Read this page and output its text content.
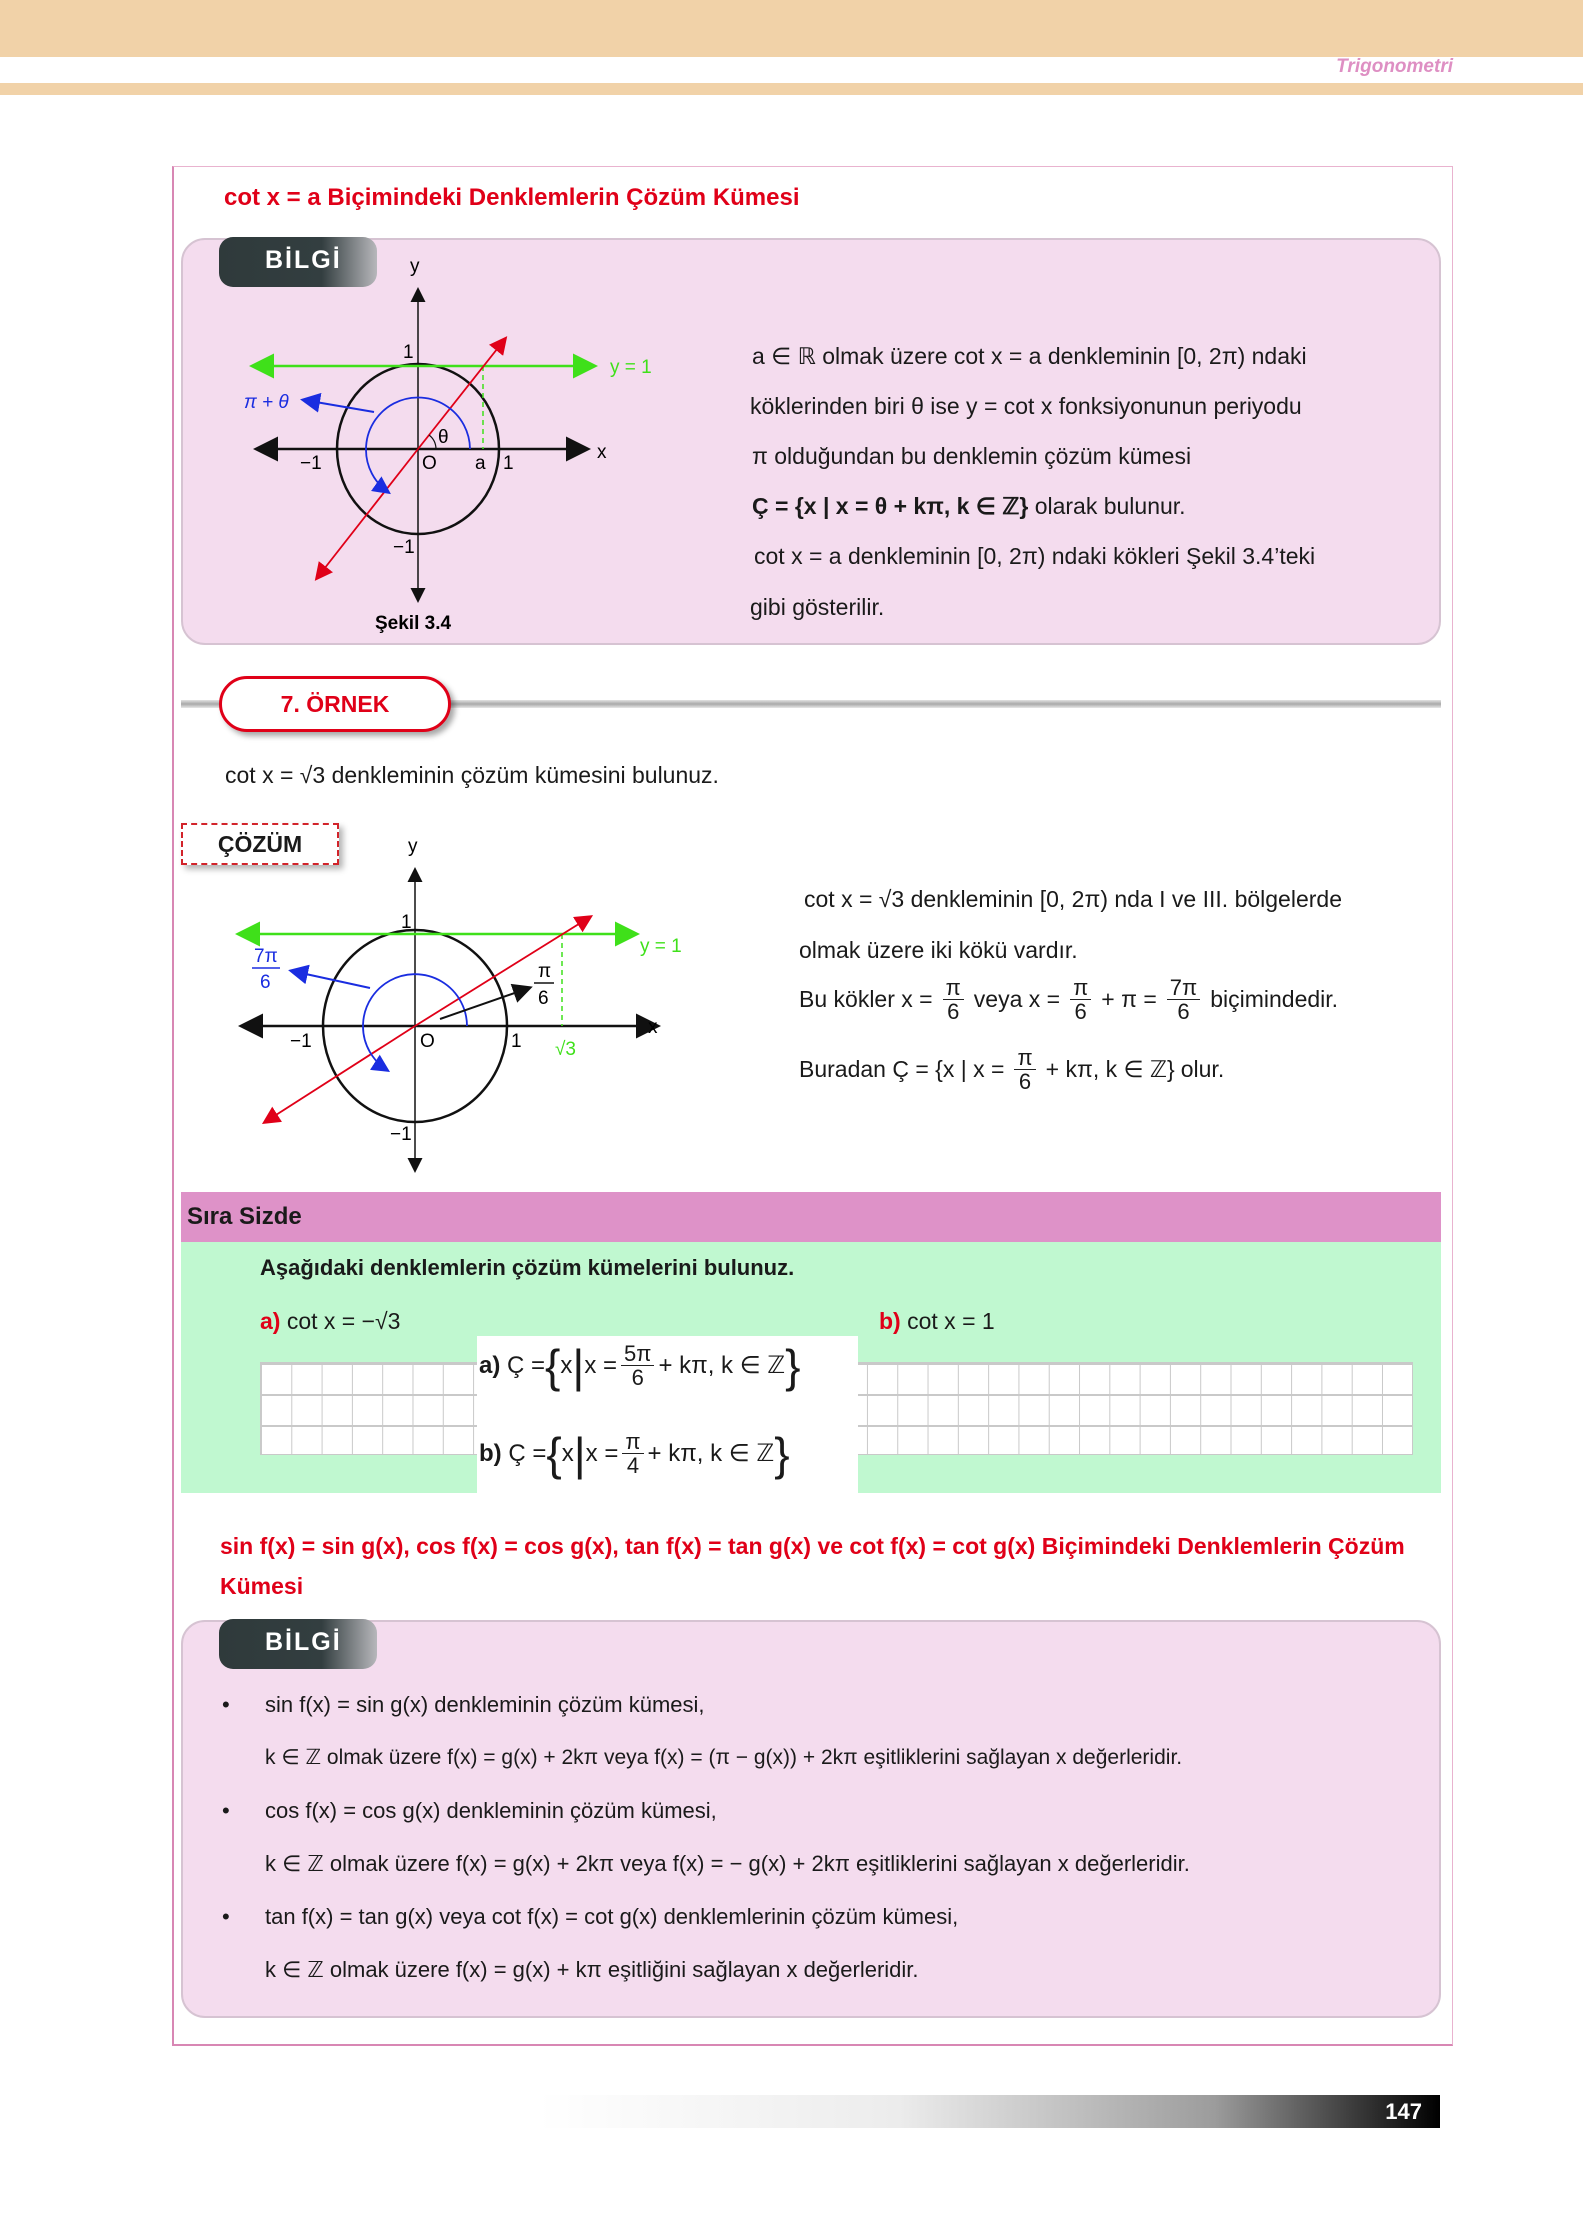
Trigonometri
cot x = a Biçimindeki Denklemlerin Çözüm Kümesi
BİLGİ	y
x
1
−1
−1	O a 1
θ
π + θ
y = 1
Şekil 3.4
a ∈ ℝ olmak üzere cot x = a denkleminin [0, 2π) ndaki
köklerinden biri θ ise y = cot x fonksiyonunun periyodu
π olduğundan bu denklemin çözüm kümesi
Ç = {x | x = θ + kπ, k ∈ ℤ} olarak bulunur.
cot x = a denkleminin [0, 2π) ndaki kökleri Şekil 3.4’teki
gibi gösterilir.
7. ÖRNEK
cot x = √3 denkleminin çözüm kümesini bulunuz.
ÇÖZÜM	y
x
1
−1
−1	O	1 √3
y = 1
7π
6
π
6
cot x = √3 denkleminin [0, 2π) nda I ve III. bölgelerde
olmak üzere iki kökü vardır.
Bu kökler $x = \frac{\pi}{6}$ veya $x = \frac{\pi}{6} + \pi = \frac{7\pi}{6}$ biçimindedir.
Buradan Ç = {x | $x = \frac{\pi}{6} + k\pi$, k ∈ ℤ} olur.
Sıra Sizde
Aşağıdaki denklemlerin çözüm kümelerini bulunuz.
a) cot x = −√3	b) cot x = 1
a)
Ç = { x | $x = \frac{5\pi}{6} + k\pi$, k ∈ ℤ }
b)
Ç = { x | $x = \frac{\pi}{4} + k\pi$, k ∈ ℤ }
sin f(x) = sin g(x), cos f(x) = cos g(x), tan f(x) = tan g(x) ve cot f(x) = cot g(x) Biçimindeki Denklemlerin Çözüm Kümesi
BİLGİ
• sin f(x) = sin g(x) denkleminin çözüm kümesi,
k ∈ ℤ olmak üzere f(x) = g(x) + 2kπ veya f(x) = (π − g(x)) + 2kπ eşitliklerini sağlayan x değerleridir.
• cos f(x) = cos g(x) denkleminin çözüm kümesi,
k ∈ ℤ olmak üzere f(x) = g(x) + 2kπ veya f(x) = − g(x) + 2kπ eşitliklerini sağlayan x değerleridir.
• tan f(x) = tan g(x) veya cot f(x) = cot g(x) denklemlerinin çözüm kümesi,
k ∈ ℤ olmak üzere f(x) = g(x) + kπ eşitliğini sağlayan x değerleridir.
147
